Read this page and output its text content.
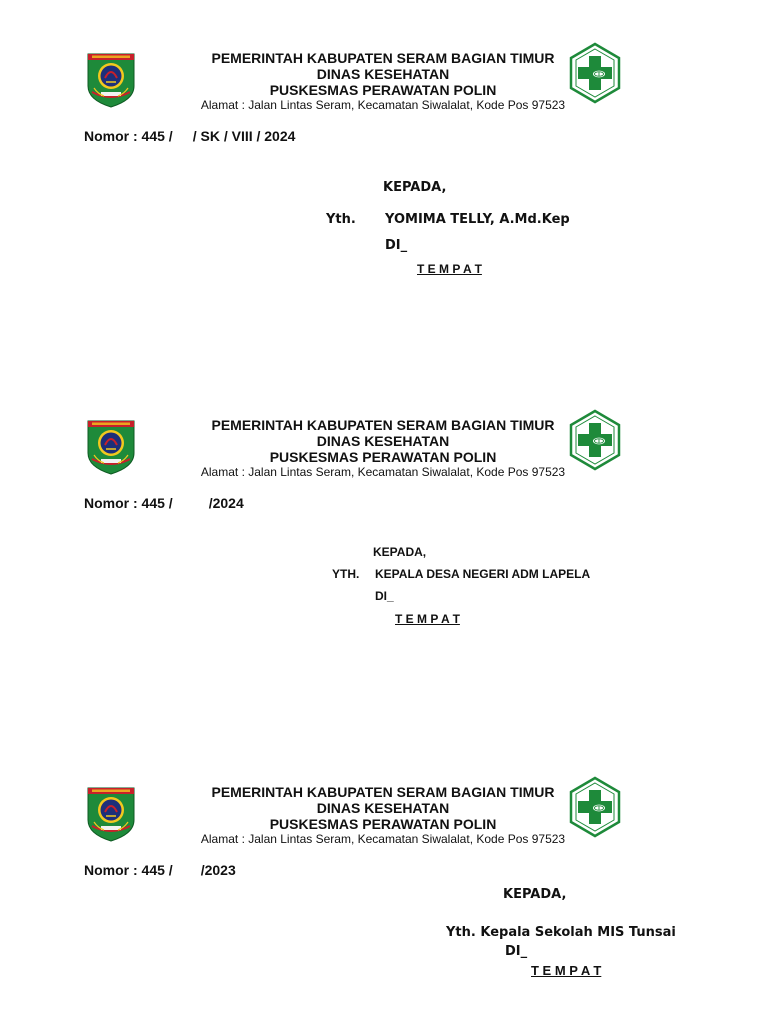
PEMERINTAH KABUPATEN SERAM BAGIAN TIMUR
DINAS KESEHATAN
PUSKESMAS PERAWATAN POLIN
Alamat : Jalan Lintas Seram, Kecamatan Siwalalat, Kode Pos 97523
Nomor : 445 / / SK / VIII / 2024
KEPADA,
Yth. YOMIMA TELLY, A.Md.Kep
DI_
T E M P A T
PEMERINTAH KABUPATEN SERAM BAGIAN TIMUR
DINAS KESEHATAN
PUSKESMAS PERAWATAN POLIN
Alamat : Jalan Lintas Seram, Kecamatan Siwalalat, Kode Pos 97523
Nomor : 445 /	/2024
KEPADA,
YTH. KEPALA DESA NEGERI ADM LAPELA
DI_
T E M P A T
PEMERINTAH KABUPATEN SERAM BAGIAN TIMUR
DINAS KESEHATAN
PUSKESMAS PERAWATAN POLIN
Alamat : Jalan Lintas Seram, Kecamatan Siwalalat, Kode Pos 97523
Nomor : 445 / /2023
KEPADA,
Yth. Kepala Sekolah MIS Tunsai
DI_
T E M P A T
